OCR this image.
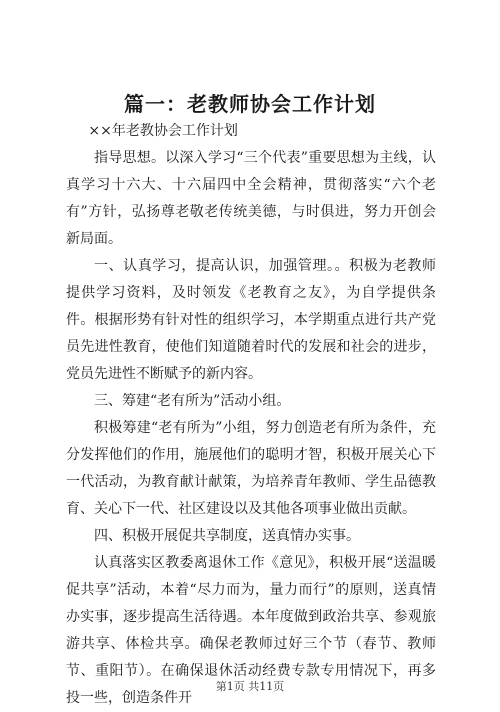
篇一：老教师协会工作计划

××年老教协会工作计划

指导思想。以深入学习“三个代表”重要思想为主线，认真学习十六大、十六届四中全会精神，贯彻落实“六个老有”方针，弘扬尊老敬老传统美德，与时俱进，努力开创会新局面。

一、认真学习，提高认识，加强管理。。积极为老教师提供学习资料，及时领发《老教育之友》，为自学提供条件。根据形势有针对性的组织学习，本学期重点进行共产党员先进性教育，使他们知道随着时代的发展和社会的进步，党员先进性不断赋予的新内容。

三、筹建“老有所为”活动小组。

积极筹建“老有所为”小组，努力创造老有所为条件，充分发挥他们的作用，施展他们的聪明才智，积极开展关心下一代活动，为教育献计献策，为培养青年教师、学生品德教育、关心下一代、社区建设以及其他各项事业做出贡献。

四、积极开展促共享制度，送真情办实事。

认真落实区教委离退休工作《意见》，积极开展“送温暖促共享”活动，本着“尽力而为，量力而行”的原则，送真情办实事，逐步提高生活待遇。本年度做到政治共享、参观旅游共享、体检共享。确保老教师过好三个节（春节、教师节、重阳节）。在确保退休活动经费专款专用情况下，再多投一些，创造条件开

第1页 共11页
